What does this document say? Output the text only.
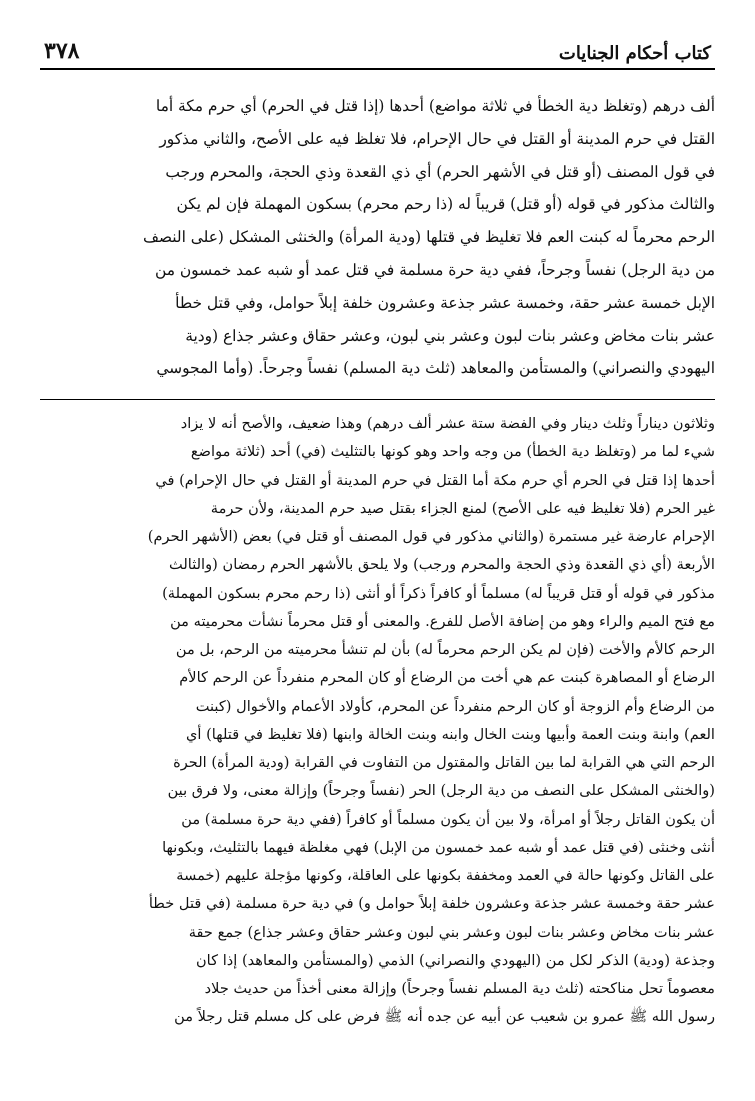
٣٧٨	كتاب أحكام الجنايات
ألف درهم (وتغلظ دية الخطأ في ثلاثة مواضع) أحدها (إذا قتل في الحرم) أي حرم مكة أما
القتل في حرم المدينة أو القتل في حال الإحرام، فلا تغلظ فيه على الأصح، والثاني مذكور
في قول المصنف (أو قتل في الأشهر الحرم) أي ذي القعدة وذي الحجة، والمحرم ورجب
والثالث مذكور في قوله (أو قتل) قريباً له (ذا رحم محرم) بسكون المهملة فإن لم يكن
الرحم محرماً له كبنت العم فلا تغليظ في قتلها (ودية المرأة) والخنثى المشكل (على النصف
من دية الرجل) نفساً وجرحاً، ففي دية حرة مسلمة في قتل عمد أو شبه عمد خمسون من
الإبل خمسة عشر حقة، وخمسة عشر جذعة وعشرون خلفة إبلاً حوامل، وفي قتل خطأ
عشر بنات مخاض وعشر بنات لبون وعشر بني لبون، وعشر حقاق وعشر جذاع (ودية
اليهودي والنصراني) والمستأمن والمعاهد (ثلث دية المسلم) نفساً وجرحاً. (وأما المجوسي
وثلاثون ديناراً وثلث دينار وفي الفضة ستة عشر ألف درهم) وهذا ضعيف، والأصح أنه لا يزاد
شيء لما مر (وتغلظ دية الخطأ) من وجه واحد وهو كونها بالتثليث (في) أحد (ثلاثة مواضع
أحدها إذا قتل في الحرم أي حرم مكة أما القتل في حرم المدينة أو القتل في حال الإحرام) في
غير الحرم (فلا تغليظ فيه على الأصح) لمنع الجزاء بقتل صيد حرم المدينة، ولأن حرمة
الإحرام عارضة غير مستمرة (والثاني مذكور في قول المصنف أو قتل في) بعض (الأشهر الحرم)
الأربعة (أي ذي القعدة وذي الحجة والمحرم ورجب) ولا يلحق بالأشهر الحرم رمضان (والثالث
مذكور في قوله أو قتل قريباً له) مسلماً أو كافراً ذكراً أو أنثى (ذا رحم محرم بسكون المهملة)
مع فتح الميم والراء وهو من إضافة الأصل للفرع. والمعنى أو قتل محرماً نشأت محرميته من
الرحم كالأم والأخت (فإن لم يكن الرحم محرماً له) بأن لم تنشأ محرميته من الرحم، بل من
الرضاع أو المصاهرة كبنت عم هي أخت من الرضاع أو كان المحرم منفرداً عن الرحم كالأم
من الرضاع وأم الزوجة أو كان الرحم منفرداً عن المحرم، كأولاد الأعمام والأخوال (كبنت
العم) وابنة وبنت العمة وأبيها وبنت الخال وابنه وبنت الخالة وابنها (فلا تغليظ في قتلها) أي
الرحم التي هي القرابة لما بين القاتل والمقتول من التفاوت في القرابة (ودية المرأة) الحرة
(والخنثى المشكل على النصف من دية الرجل) الحر (نفساً وجرحاً) وإزالة معنى، ولا فرق بين
أن يكون القاتل رجلاً أو امرأة، ولا بين أن يكون مسلماً أو كافراً (ففي دية حرة مسلمة) من
أنثى وخنثى (في قتل عمد أو شبه عمد خمسون من الإبل) فهي مغلظة فيهما بالتثليث، وبكونها
على القاتل وكونها حالة في العمد ومخففة بكونها على العاقلة، وكونها مؤجلة عليهم (خمسة
عشر حقة وخمسة عشر جذعة وعشرون خلفة إبلاً حوامل و) في دية حرة مسلمة (في قتل خطأ
عشر بنات مخاض وعشر بنات لبون وعشر بني لبون وعشر حقاق وعشر جذاع) جمع حقة
وجذعة (ودية) الذكر لكل من (اليهودي والنصراني) الذمي (والمستأمن والمعاهد) إذا كان
معصوماً تحل مناكحته (ثلث دية المسلم نفساً وجرحاً) وإزالة معنى أخذاً من حديث جلاد
رسول الله ﷺ عمرو بن شعيب عن أبيه عن جده أنه ﷺ فرض على كل مسلم قتل رجلاً من
